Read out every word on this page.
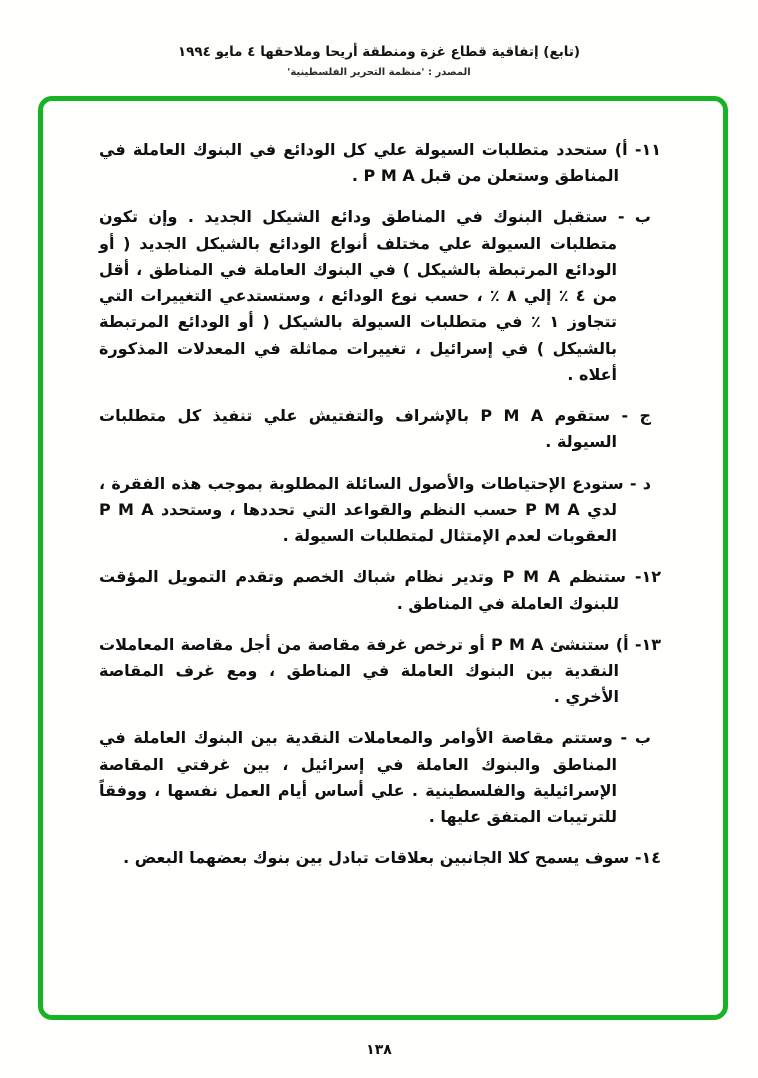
(تابع) إتفاقية قطاع غزة ومنطقة أريحا وملاحقها ٤ مايو ١٩٩٤
المصدر : 'منظمة التحرير الفلسطينية'

١١- أ) ستحدد متطلبات السيولة علي كل الودائع في البنوك العاملة في المناطق وستعلن من قبل P M A .

ب - ستقبل البنوك في المناطق ودائع الشيكل الجديد . وإن تكون متطلبات السيولة علي مختلف أنواع الودائع بالشيكل الجديد ( أو الودائع المرتبطة بالشيكل ) في البنوك العاملة في المناطق ، أقل من ٤ ٪ إلي ٨ ٪ ، حسب نوع الودائع ، وستستدعي التغييرات التي تتجاوز ١ ٪ في متطلبات السيولة بالشيكل ( أو الودائع المرتبطة بالشيكل ) في إسرائيل ، تغييرات مماثلة في المعدلات المذكورة أعلاه .

ج - ستقوم P M A بالإشراف والتفتيش علي تنفيذ كل متطلبات السيولة .

د - ستودع الإحتياطات والأصول السائلة المطلوبة بموجب هذه الفقرة ، لدي P M A حسب النظم والقواعد التي تحددها ، وستحدد P M A العقوبات لعدم الإمتثال لمتطلبات السيولة .

١٢- ستنظم P M A وتدير نظام شباك الخصم وتقدم التمويل المؤقت للبنوك العاملة في المناطق .

١٣- أ) ستنشئ P M A أو ترخص غرفة مقاصة من أجل مقاصة المعاملات النقدية بين البنوك العاملة في المناطق ، ومع غرف المقاصة الأخري .

ب - وستتم مقاصة الأوامر والمعاملات النقدية بين البنوك العاملة في المناطق والبنوك العاملة في إسرائيل ، بين غرفتي المقاصة الإسرائيلية والفلسطينية . علي أساس أيام العمل نفسها ، ووفقاً للترتيبات المتفق عليها .

١٤- سوف يسمح كلا الجانبين بعلاقات تبادل بين بنوك بعضهما البعض .

١٣٨
